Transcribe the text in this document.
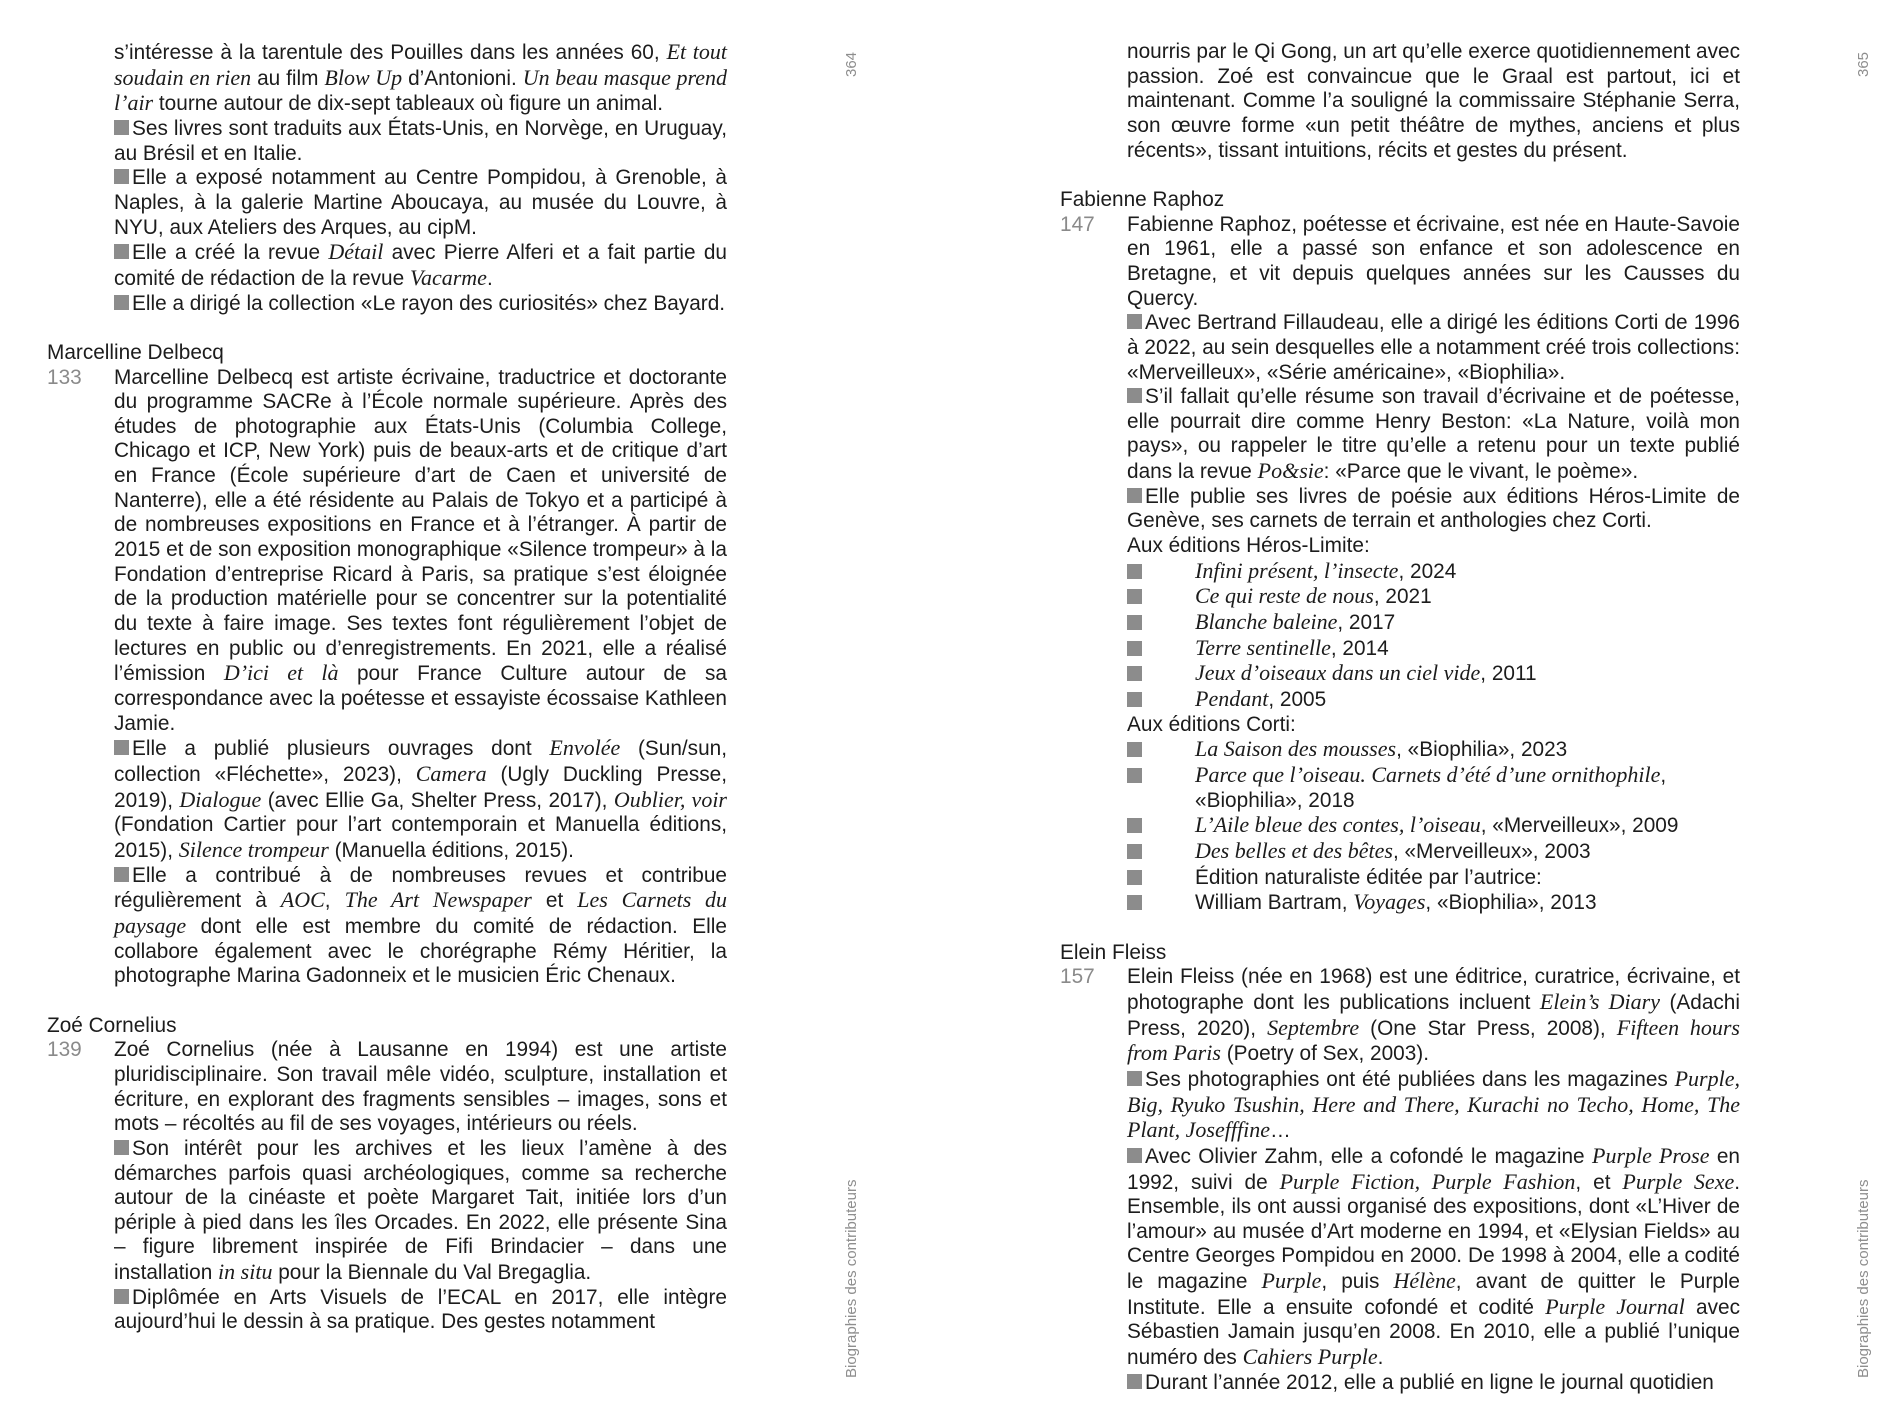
364	365
Biographies des contributeurs	Biographies des contributeurs
s’intéresse à la tarentule des Pouilles dans les années 60, Et tout soudain en rien au film Blow Up d’Antonioni. Un beau masque prend l’air tourne autour de dix-sept tableaux où figure un animal.
Ses livres sont traduits aux États-Unis, en Norvège, en Uruguay, au Brésil et en Italie.
Elle a exposé notamment au Centre Pompidou, à Grenoble, à Naples, à la galerie Martine Aboucaya, au musée du Louvre, à NYU, aux Ateliers des Arques, au cipM.
Elle a créé la revue Détail avec Pierre Alferi et a fait partie du comité de rédaction de la revue Vacarme.
Elle a dirigé la collection «Le rayon des curiosités» chez Bayard.
Marcelline Delbecq
133	Marcelline Delbecq est artiste écrivaine, traductrice et doctorante du programme SACRe à l’École normale supérieure. Après des études de photographie aux États-Unis (Columbia College, Chicago et ICP, New York) puis de beaux-arts et de critique d’art en France (École supérieure d’art de Caen et université de Nanterre), elle a été résidente au Palais de Tokyo et a participé à de nombreuses expositions en France et à l’étranger. À partir de 2015 et de son exposition monographique «Silence trompeur» à la Fondation d’entreprise Ricard à Paris, sa pratique s’est éloignée de la production matérielle pour se concentrer sur la potentialité du texte à faire image. Ses textes font régulièrement l’objet de lectures en public ou d’enregistrements. En 2021, elle a réalisé l’émission D’ici et là pour France Culture autour de sa correspondance avec la poétesse et essayiste écossaise Kathleen Jamie.
Elle a publié plusieurs ouvrages dont Envolée (Sun/sun, collection «Fléchette», 2023), Camera (Ugly Duckling Presse, 2019), Dialogue (avec Ellie Ga, Shelter Press, 2017), Oublier, voir (Fondation Cartier pour l’art contemporain et Manuella éditions, 2015), Silence trompeur (Manuella éditions, 2015).
Elle a contribué à de nombreuses revues et contribue régulièrement à AOC, The Art Newspaper et Les Carnets du paysage dont elle est membre du comité de rédaction. Elle collabore également avec le chorégraphe Rémy Héritier, la photographe Marina Gadonneix et le musicien Éric Chenaux.
Zoé Cornelius
139	Zoé Cornelius (née à Lausanne en 1994) est une artiste pluridisciplinaire. Son travail mêle vidéo, sculpture, installation et écriture, en explorant des fragments sensibles – images, sons et mots – récoltés au fil de ses voyages, intérieurs ou réels.
Son intérêt pour les archives et les lieux l’amène à des démarches parfois quasi archéologiques, comme sa recherche autour de la cinéaste et poète Margaret Tait, initiée lors d’un périple à pied dans les îles Orcades. En 2022, elle présente Sina – figure librement inspirée de Fifi Brindacier – dans une installation in situ pour la Biennale du Val Bregaglia.
Diplômée en Arts Visuels de l’ECAL en 2017, elle intègre aujourd’hui le dessin à sa pratique. Des gestes notamment
nourris par le Qi Gong, un art qu’elle exerce quotidiennement avec passion. Zoé est convaincue que le Graal est partout, ici et maintenant. Comme l’a souligné la commissaire Stéphanie Serra, son œuvre forme «un petit théâtre de mythes, anciens et plus récents», tissant intuitions, récits et gestes du présent.
Fabienne Raphoz
147	Fabienne Raphoz, poétesse et écrivaine, est née en Haute-Savoie en 1961, elle a passé son enfance et son adolescence en Bretagne, et vit depuis quelques années sur les Causses du Quercy.
Avec Bertrand Fillaudeau, elle a dirigé les éditions Corti de 1996 à 2022, au sein desquelles elle a notamment créé trois collections: «Merveilleux», «Série américaine», «Biophilia».
S’il fallait qu’elle résume son travail d’écrivaine et de poétesse, elle pourrait dire comme Henry Beston: «La Nature, voilà mon pays», ou rappeler le titre qu’elle a retenu pour un texte publié dans la revue Po&sie: «Parce que le vivant, le poème».
Elle publie ses livres de poésie aux éditions Héros-Limite de Genève, ses carnets de terrain et anthologies chez Corti.
Aux éditions Héros-Limite:
Infini présent, l’insecte, 2024
Ce qui reste de nous, 2021
Blanche baleine, 2017
Terre sentinelle, 2014
Jeux d’oiseaux dans un ciel vide, 2011
Pendant, 2005
Aux éditions Corti:
La Saison des mousses, «Biophilia», 2023
Parce que l’oiseau. Carnets d’été d’une ornithophile, «Biophilia», 2018
L’Aile bleue des contes, l’oiseau, «Merveilleux», 2009
Des belles et des bêtes, «Merveilleux», 2003
Édition naturaliste éditée par l’autrice:
William Bartram, Voyages, «Biophilia», 2013
Elein Fleiss
157	Elein Fleiss (née en 1968) est une éditrice, curatrice, écrivaine, et photographe dont les publications incluent Elein’s Diary (Adachi Press, 2020), Septembre (One Star Press, 2008), Fifteen hours from Paris (Poetry of Sex, 2003).
Ses photographies ont été publiées dans les magazines Purple, Big, Ryuko Tsushin, Here and There, Kurachi no Techo, Home, The Plant, Josefffine…
Avec Olivier Zahm, elle a cofondé le magazine Purple Prose en 1992, suivi de Purple Fiction, Purple Fashion, et Purple Sexe. Ensemble, ils ont aussi organisé des expositions, dont «L’Hiver de l’amour» au musée d’Art moderne en 1994, et «Elysian Fields» au Centre Georges Pompidou en 2000. De 1998 à 2004, elle a codité le magazine Purple, puis Hélène, avant de quitter le Purple Institute. Elle a ensuite cofondé et codité Purple Journal avec Sébastien Jamain jusqu’en 2008. En 2010, elle a publié l’unique numéro des Cahiers Purple.
Durant l’année 2012, elle a publié en ligne le journal quotidien
